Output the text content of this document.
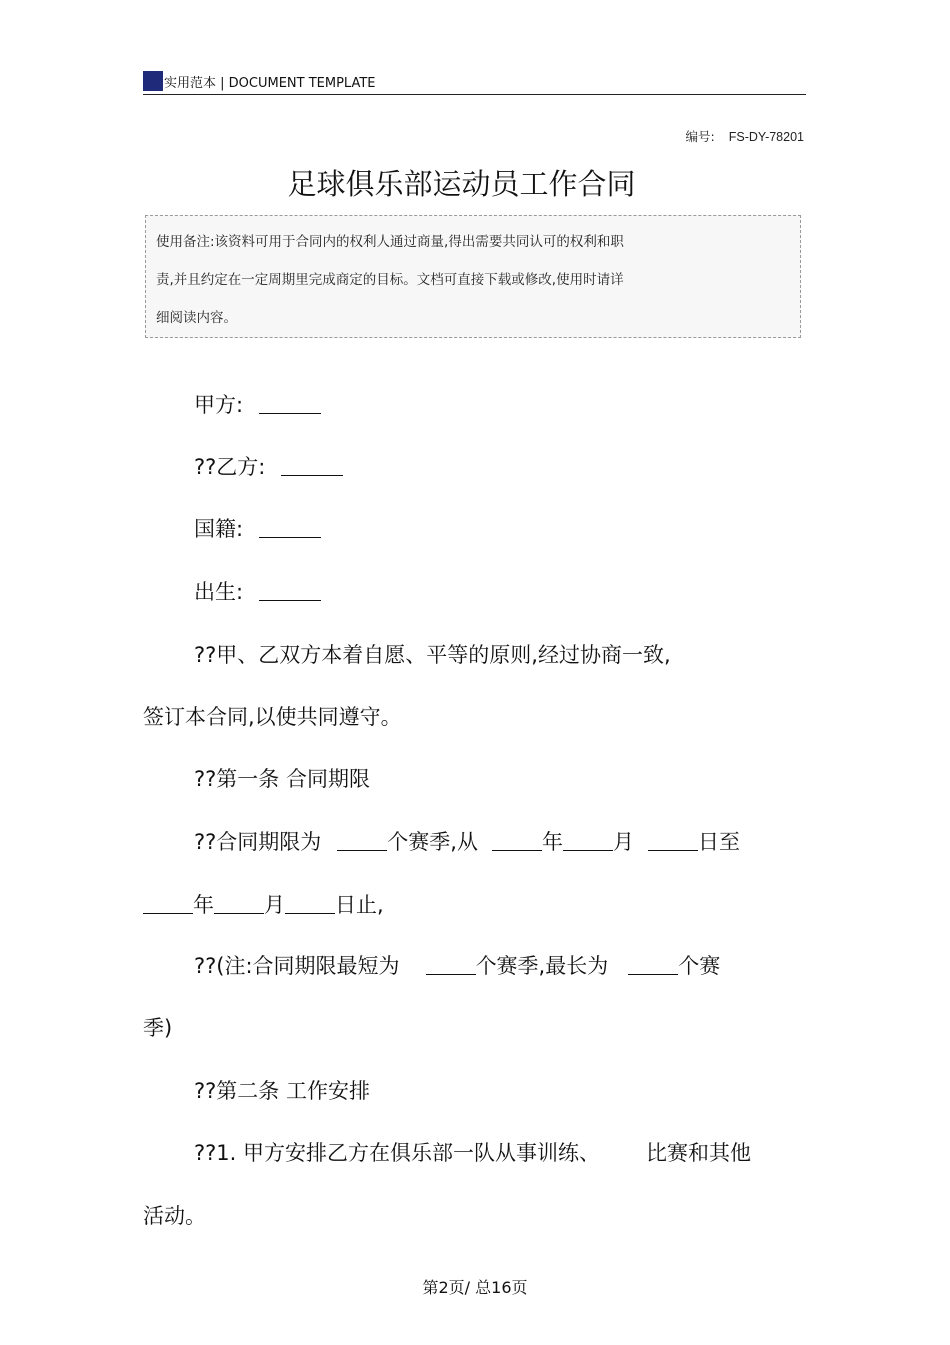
实用范本 | DOCUMENT TEMPLATE
编号: FS-DY-78201
足球俱乐部运动员工作合同
使用备注:该资料可用于合同内的权利人通过商量,得出需要共同认可的权利和职
责,并且约定在一定周期里完成商定的目标。文档可直接下载或修改,使用时请详
细阅读内容。
甲方:
??乙方:
国籍:
出生:
??甲、乙双方本着自愿、平等的原则,经过协商一致,
签订本合同,以使共同遵守。
??第一条 合同期限
??合同期限为	个赛季,从	年 月	日至
年 月 日止,
??(注:合同期限最短为	个赛季,最长为	个赛
季)
??第二条 工作安排
??1. 甲方安排乙方在俱乐部一队从事训练、 比赛和其他
活动。
第2页/ 总16页
